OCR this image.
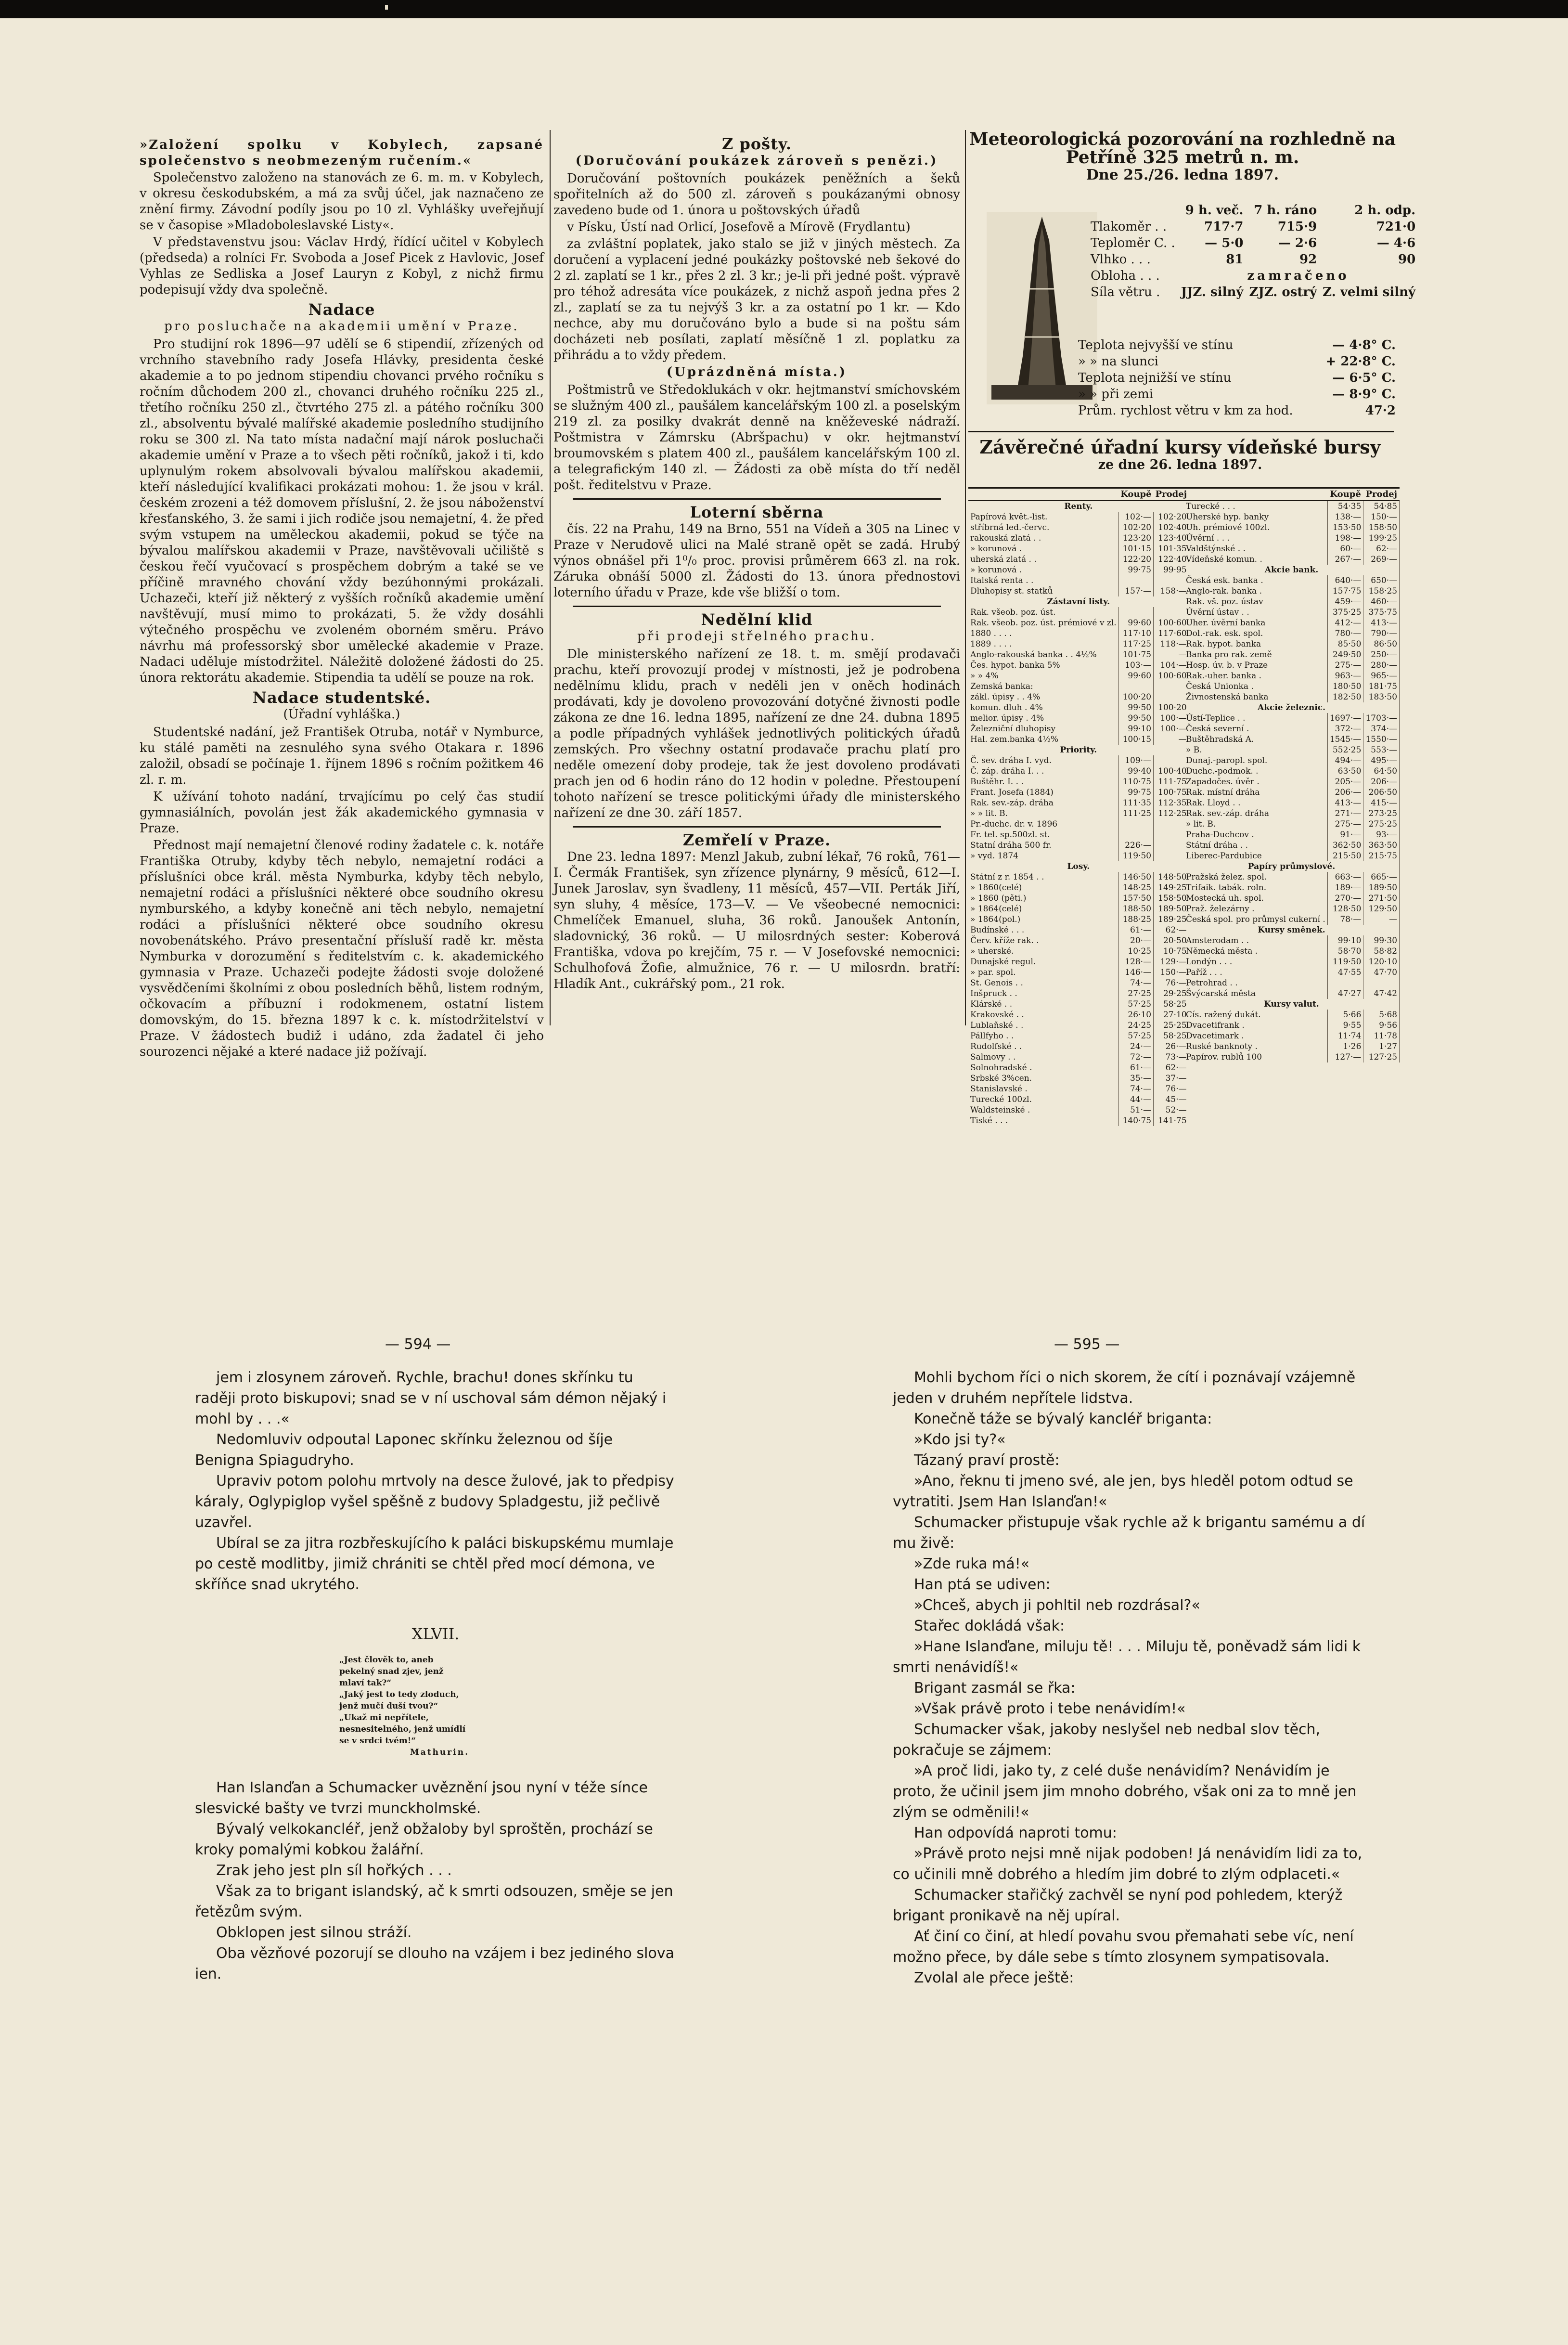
»Založení spolku v Kobylech, zapsané společenstvo s neobmezeným ručením.«

Společenstvo založeno na stanovách ze 6. m. m. v Kobylech, v okresu českodubském, a má za svůj účel, jak naznačeno ze znění firmy. Závodní podíly jsou po 10 zl. Vyhlášky uveřejňují se v časopise »Mladoboleslavské Listy«.

V představenstvu jsou: Václav Hrdý, řídící učitel v Kobylech (předseda) a rolníci Fr. Svoboda a Josef Picek z Havlovic, Josef Vyhlas ze Sedliska a Josef Lauryn z Kobyl, z nichž firmu podepisují vždy dva společně.

Nadace
pro posluchače na akademii umění v Praze.

Pro studijní rok 1896—97 udělí se 6 stipendií, zřízených od vrchního stavebního rady Josefa Hlávky, presidenta české akademie a to po jednom stipendiu chovanci prvého ročníku s ročním důchodem 200 zl., chovanci druhého ročníku 225 zl., třetího ročníku 250 zl., čtvrtého 275 zl. a pátého ročníku 300 zl., absolventu bývalé malířské akademie posledního studijního roku se 300 zl. Na tato místa nadační mají nárok posluchači akademie umění v Praze a to všech pěti ročníků, jakož i ti, kdo uplynulým rokem absolvovali bývalou malířskou akademii, kteří následující kvalifikaci prokázati mohou: 1. že jsou v král. českém zrozeni a též domovem příslušní, 2. že jsou náboženství křesťanského, 3. že sami i jich rodiče jsou nemajetní, 4. že před svým vstupem na uměleckou akademii, pokud se týče na bývalou malířskou akademii v Praze, navštěvovali učiliště s českou řečí vyučovací s prospěchem dobrým a také se ve příčině mravného chování vždy bezúhonnými prokázali. Uchazeči, kteří již některý z vyšších ročníků akademie umění navštěvují, musí mimo to prokázati, 5. že vždy dosáhli výtečného prospěchu ve zvoleném oborném směru. Právo návrhu má professorský sbor umělecké akademie v Praze. Nadaci uděluje místodržitel. Náležitě doložené žádosti do 25. února rektorátu akademie. Stipendia ta udělí se pouze na rok.

Nadace studentské.
(Úřadní vyhláška.)

Studentské nadání, jež František Otruba, notář v Nymburce, ku stálé paměti na zesnulého syna svého Otakara r. 1896 založil, obsadí se počínaje 1. říjnem 1896 s ročním požitkem 46 zl. r. m.

K užívání tohoto nadání, trvajícímu po celý čas studií gymnasiálních, povolán jest žák akademického gymnasia v Praze.

Přednost mají nemajetní členové rodiny žadatele c. k. notáře Františka Otruby, kdyby těch nebylo, nemajetní rodáci a příslušníci obce král. města Nymburka, kdyby těch nebylo, nemajetní rodáci a příslušníci některé obce soudního okresu nymburského, a kdyby konečně ani těch nebylo, nemajetní rodáci a příslušníci některé obce soudního okresu novobenátského. Právo presentační přísluší radě kr. města Nymburka v dorozumění s ředitelstvím c. k. akademického gymnasia v Praze. Uchazeči podejte žádosti svoje doložené vysvědčeními školními z obou posledních běhů, listem rodným, očkovacím a příbuzní i rodokmenem, ostatní listem domovským, do 15. března 1897 k c. k. místodržitelství v Praze. V žádostech budiž i udáno, zda žadatel či jeho sourozenci nějaké a které nadace již požívají.

Z pošty.
(Doručování poukázek zároveň s penězi.)

Doručování poštovních poukázek peněžních a šeků spořitelních až do 500 zl. zároveň s poukázanými obnosy zavedeno bude od 1. února u poštovských úřadů

v Písku, Ústí nad Orlicí, Josefově a Mírově (Frydlantu)

za zvláštní poplatek, jako stalo se již v jiných městech. Za doručení a vyplacení jedné poukázky poštovské neb šekové do 2 zl. zaplatí se 1 kr., přes 2 zl. 3 kr.; je-li při jedné pošt. výpravě pro téhož adresáta více poukázek, z nichž aspoň jedna přes 2 zl., zaplatí se za tu nejvýš 3 kr. a za ostatní po 1 kr. — Kdo nechce, aby mu doručováno bylo a bude si na poštu sám docházeti neb posílati, zaplatí měsíčně 1 zl. poplatku za přihrádu a to vždy předem.

(Uprázdněná místa.)

Poštmistrů ve Středoklukách v okr. hejtmanství smíchovském se služným 400 zl., paušálem kancelářským 100 zl. a poselským 219 zl. za posilky dvakrát denně na kněževeské nádraží. Poštmistra v Zámrsku (Abršpachu) v okr. hejtmanství broumovském s platem 400 zl., paušálem kancelářským 100 zl. a telegrafickým 140 zl. — Žádosti za obě místa do tří neděl pošt. ředitelstvu v Praze.

Loterní sběrna

čís. 22 na Prahu, 149 na Brno, 551 na Vídeň a 305 na Linec v Praze v Nerudově ulici na Malé straně opět se zadá. Hrubý výnos obnášel při 1⁰/₀ proc. provisi průměrem 663 zl. na rok. Záruka obnáší 5000 zl. Žádosti do 13. února přednostovi loterního úřadu v Praze, kde vše bližší o tom.

Nedělní klid
při prodeji střelného prachu.

Dle ministerského nařízení ze 18. t. m. smějí prodavači prachu, kteří provozují prodej v místnosti, jež je podrobena nedělnímu klidu, prach v neděli jen v oněch hodinách prodávati, kdy je dovoleno provozování dotyčné živnosti podle zákona ze dne 16. ledna 1895, nařízení ze dne 24. dubna 1895 a podle případných vyhlášek jednotlivých politických úřadů zemských. Pro všechny ostatní prodavače prachu platí pro neděle omezení doby prodeje, tak že jest dovoleno prodávati prach jen od 6 hodin ráno do 12 hodin v poledne. Přestoupení tohoto nařízení se tresce politickými úřady dle ministerského nařízení ze dne 30. září 1857.

Zemřelí v Praze.

Dne 23. ledna 1897: Menzl Jakub, zubní lékař, 76 roků, 761—I. Čermák František, syn zřízence plynárny, 9 měsíců, 612—I. Junek Jaroslav, syn švadleny, 11 měsíců, 457—VII. Perták Jiří, syn sluhy, 4 měsíce, 173—V. — Ve všeobecné nemocnici: Chmelíček Emanuel, sluha, 36 roků. Janoušek Antonín, sladovnický, 36 roků. — U milosrdných sester: Koberová Františka, vdova po krejčím, 75 r. — V Josefovské nemocnici: Schulhofová Žofie, almužnice, 76 r. — U milosrdn. bratří: Hladík Ant., cukrářský pom., 21 rok.

Meteorologická pozorování na rozhledně na Petříně 325 metrů n. m.
Dne 25./26. ledna 1897.
	9 h. več.	7 h. ráno	2 h. odp.
Tlakoměr . .	717·7	715·9	721·0
Teploměr C. .	— 5·0	— 2·6	— 4·6
Vlhko . . .	81	92	90
Obloha . . .	zamračeno		
Síla větru .	JJZ. silný	ZJZ. ostrý	Z. velmi silný
Teplota nejvyšší ve stínu	— 4·8° C.
» » na slunci	+ 22·8° C.
Teplota nejnižší ve stínu	— 6·5° C.
» » při zemi	— 8·9° C.
Prům. rychlost větru v km za hod.	47·2
Závěrečné úřadní kursy vídeňské bursy
ze dne 26. ledna 1897.
	Koupě	Prodej
Renty.		
Papírová květ.-list.	102·—	102·20
stříbrná led.-červc.	102·20	102·40
rakouská zlatá . .	123·20	123·40
» korunová .	101·15	101·35
uherská zlatá . .	122·20	122·40
» korunová .	99·75	99·95
Italská renta . .		
Dluhopisy st. statků	157·—	158·—
Zástavní listy.		
Rak. všeob. poz. úst.		
Rak. všeob. poz. úst. prémiové v zl.	99·60	100·60
1880 . . . .	117·10	117·60
1889 . . . .	117·25	118·—
Anglo-rakouská banka . . 4½%	101·75	—
Čes. hypot. banka 5%	103·—	104·—
» » 4%	99·60	100·60
Zemská banka:		
zákl. úpisy . . 4%	100·20	
komun. dluh . 4%	99·50	100·20
melior. úpisy . 4%	99·50	100·—
Železniční dluhopisy	99·10	100·—
Hal. zem.banka 4½%	100·15	—
Priority.		
Č. sev. dráha I. vyd.	109·—	
Č. záp. dráha I. . .	99·40	100·40
Buštěhr. I. . .	110·75	111·75
Frant. Josefa (1884)	99·75	100·75
Rak. sev.-záp. dráha	111·35	112·35
» » lit. B.	111·25	112·25
Pr.-duchc. dr. v. 1896		
Fr. tel. sp.500zl. st.		
Statní dráha 500 fr.	226·—	
» vyd. 1874	119·50	
Losy.		
Státní z r. 1854 . .	146·50	148·50
» 1860(celé)	148·25	149·25
» 1860 (pěti.)	157·50	158·50
» 1864(celé)	188·50	189·50
» 1864(pol.)	188·25	189·25
Budínské . . .	61·—	62·—
Červ. kříže rak. .	20·—	20·50
» uherské.	10·25	10·75
Dunajské regul.	128·—	129·—
» par. spol.	146·—	150·—
St. Genois . .	74·—	76·—
Inšpruck . .	27·25	29·25
Klárské . .	57·25	58·25
Krakovské . .	26·10	27·10
Lublaňské . .	24·25	25·25
Pállfyho . .	57·25	58·25
Rudolfské . .	24·—	26·—
Salmovy . .	72·—	73·—
Solnohradské .	61·—	62·—
Srbské 3%cen.	35·—	37·—
Stanislavské .	74·—	76·—
Turecké 100zl.	44·—	45·—
Waldsteinské .	51·—	52·—
Tiské . . .	140·75	141·75
	Koupě	Prodej
Turecké . . .	54·35	54·85
Uherské hyp. banky	138·—	150·—
Uh. prémiové 100zl.	153·50	158·50
Úvěrní . . .	198·—	199·25
Valdštýnské . .	60·—	62·—
Vídeňské komun. .	267·—	269·—
Akcie bank.		
Česká esk. banka .	640·—	650·—
Anglo-rak. banka .	157·75	158·25
Rak. vš. poz. ústav	459·—	460·—
Úvěrní ústav . .	375·25	375·75
Uher. úvěrní banka	412·—	413·—
Dol.-rak. esk. spol.	780·—	790·—
Rak. hypot. banka	85·50	86·50
Banka pro rak. země	249·50	250·—
Hosp. úv. b. v Praze	275·—	280·—
Rak.-uher. banka .	963·—	965·—
Česká Unionka .	180·50	181·75
Živnostenská banka	182·50	183·50
Akcie železnic.		
Ústí-Teplice . .	1697·—	1703·—
Česká severní .	372·—	374·—
Buštěhradská A.	1545·—	1550·—
» B.	552·25	553·—
Dunaj.-paropl. spol.	494·—	495·—
Duchc.-podmok. .	63·50	64·50
Zapadočes. úvěr .	205·—	206·—
Rak. místní dráha	206·—	206·50
Rak. Lloyd . .	413·—	415·—
Rak. sev.-záp. dráha	271·—	273·25
» lit. B.	275·—	275·25
Praha-Duchcov .	91·—	93·—
Státní dráha . .	362·50	363·50
Liberec-Pardubice	215·50	215·75
Papíry průmyslové.		
Pražská želez. spol.	663·—	665·—
Trifaik. tabák. roln.	189·—	189·50
Mostecká uh. spol.	270·—	271·50
Praž. železárny .	128·50	129·50
Česká spol. pro průmysl cukerní .	78·—	—
Kursy směnek.		
Amsterodam . .	99·10	99·30
Německá města .	58·70	58·82
Londýn . . .	119·50	120·10
Paříž . . .	47·55	47·70
Petrohrad . .		
Švýcarská města	47·27	47·42
Kursy valut.		
Cís. ražený dukát.	5·66	5·68
Dvacetifrank .	9·55	9·56
Dvacetimark .	11·74	11·78
Ruské banknoty .	1·26	1·27
Papírov. rublů 100	127·—	127·25
— 594 —	— 595 —

jem i zlosynem zároveň. Rychle, brachu! dones skřínku tu raději proto biskupovi; snad se v ní uschoval sám démon nějaký i mohl by . . .«

Nedomluviv odpoutal Laponec skřínku železnou od šíje Benigna Spiagudryho.

Upraviv potom polohu mrtvoly na desce žulové, jak to předpisy káraly, Oglypiglop vyšel spěšně z budovy Spladgestu, již pečlivě uzavřel.

Ubíral se za jitra rozbřeskujícího k paláci biskupskému mumlaje po cestě modlitby, jimiž chrániti se chtěl před mocí démona, ve skříňce snad ukrytého.

XLVII.
„Jest člověk to, aneb pekelný snad zjev, jenž mlaví tak?“
„Jaký jest to tedy zloduch, jenž mučí duší tvou?“
„Ukaž mi nepřítele, nesnesitelného, jenž umídlí se v srdci tvém!“
Mathurin.

Han Islanďan a Schumacker uvěznění jsou nyní v téže sínce slesvické bašty ve tvrzi munckholmské.

Bývalý velkokancléř, jenž obžaloby byl sproštěn, prochází se kroky pomalými kobkou žalářní.

Zrak jeho jest pln síl hořkých . . .

Však za to brigant islandský, ač k smrti odsouzen, směje se jen řetězům svým.

Obklopen jest silnou stráží.

Oba vězňové pozorují se dlouho na vzájem i bez jediného slova ien.

Mohli bychom říci o nich skorem, že cítí i poznávají vzájemně jeden v druhém nepřítele lidstva.

Konečně táže se bývalý kancléř briganta:

»Kdo jsi ty?«

Tázaný praví prostě:

»Ano, řeknu ti jmeno své, ale jen, bys hleděl potom odtud se vytratiti. Jsem Han Islanďan!«

Schumacker přistupuje však rychle až k brigantu samému a dí mu živě:

»Zde ruka má!«

Han ptá se udiven:

»Chceš, abych ji pohltil neb rozdrásal?«

Stařec dokládá však:

»Hane Islanďane, miluju tě! . . . Miluju tě, poněvadž sám lidi k smrti nenávidíš!«

Brigant zasmál se řka:

»Však právě proto i tebe nenávidím!«

Schumacker však, jakoby neslyšel neb nedbal slov těch, pokračuje se zájmem:

»A proč lidi, jako ty, z celé duše nenávidím? Nenávidím je proto, že učinil jsem jim mnoho dobrého, však oni za to mně jen zlým se odměnili!«

Han odpovídá naproti tomu:

»Právě proto nejsi mně nijak podoben! Já nenávidím lidi za to, co učinili mně dobrého a hledím jim dobré to zlým odplaceti.«

Schumacker stařičký zachvěl se nyní pod pohledem, kterýž brigant pronikavě na něj upíral.

Ať činí co činí, at hledí povahu svou přemahati sebe víc, není možno přece, by dále sebe s tímto zlosynem sympatisovala.

Zvolal ale přece ještě:
